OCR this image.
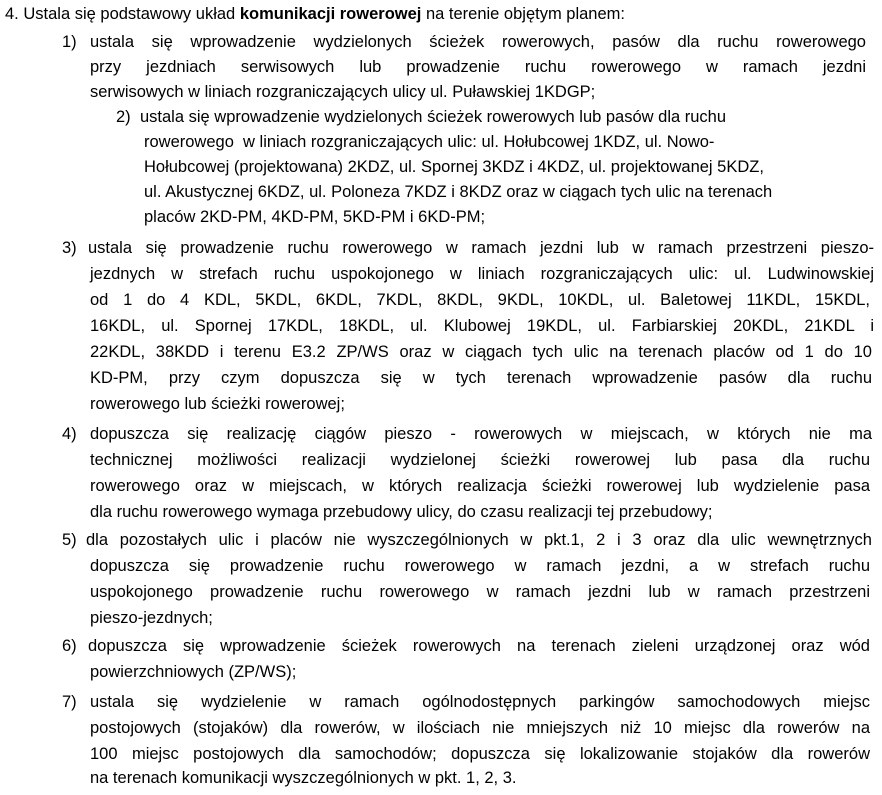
4. Ustala się podstawowy układ komunikacji rowerowej na terenie objętym planem:
1) ustala się wprowadzenie wydzielonych ścieżek rowerowych, pasów dla ruchu rowerowego
przy jezdniach serwisowych lub prowadzenie ruchu rowerowego w ramach jezdni
serwisowych w liniach rozgraniczających ulicy ul. Puławskiej 1KDGP;
2) ustala się wprowadzenie wydzielonych ścieżek rowerowych lub pasów dla ruchu
rowerowego  w liniach rozgraniczających ulic: ul. Hołubcowej 1KDZ, ul. Nowo-
Hołubcowej (projektowana) 2KDZ, ul. Spornej 3KDZ i 4KDZ, ul. projektowanej 5KDZ,
ul. Akustycznej 6KDZ, ul. Poloneza 7KDZ i 8KDZ oraz w ciągach tych ulic na terenach
placów 2KD-PM, 4KD-PM, 5KD-PM i 6KD-PM;
3) ustala się prowadzenie ruchu rowerowego w ramach jezdni lub w ramach przestrzeni pieszo-
jezdnych w strefach ruchu uspokojonego w liniach rozgraniczających ulic: ul. Ludwinowskiej
od 1 do 4 KDL, 5KDL, 6KDL, 7KDL, 8KDL, 9KDL, 10KDL, ul. Baletowej 11KDL, 15KDL,
16KDL, ul. Spornej 17KDL, 18KDL, ul. Klubowej 19KDL, ul. Farbiarskiej 20KDL, 21KDL i
22KDL, 38KDD i terenu E3.2 ZP/WS oraz w ciągach tych ulic na terenach placów od 1 do 10
KD-PM, przy czym dopuszcza się w tych terenach wprowadzenie pasów dla ruchu
rowerowego lub ścieżki rowerowej;
4) dopuszcza się realizację ciągów pieszo - rowerowych w miejscach, w których nie ma
technicznej możliwości realizacji wydzielonej ścieżki rowerowej lub pasa dla ruchu
rowerowego oraz w miejscach, w których realizacja ścieżki rowerowej lub wydzielenie pasa
dla ruchu rowerowego wymaga przebudowy ulicy, do czasu realizacji tej przebudowy;
5) dla pozostałych ulic i placów nie wyszczególnionych w pkt.1, 2 i 3 oraz dla ulic wewnętrznych
dopuszcza się prowadzenie ruchu rowerowego w ramach jezdni, a w strefach ruchu
uspokojonego prowadzenie ruchu rowerowego w ramach jezdni lub w ramach przestrzeni
pieszo-jezdnych;
6) dopuszcza się wprowadzenie ścieżek rowerowych na terenach zieleni urządzonej oraz wód
powierzchniowych (ZP/WS);
7) ustala się wydzielenie w ramach ogólnodostępnych parkingów samochodowych miejsc
postojowych (stojaków) dla rowerów, w ilościach nie mniejszych niż 10 miejsc dla rowerów na
100 miejsc postojowych dla samochodów; dopuszcza się lokalizowanie stojaków dla rowerów
na terenach komunikacji wyszczególnionych w pkt. 1, 2, 3.
